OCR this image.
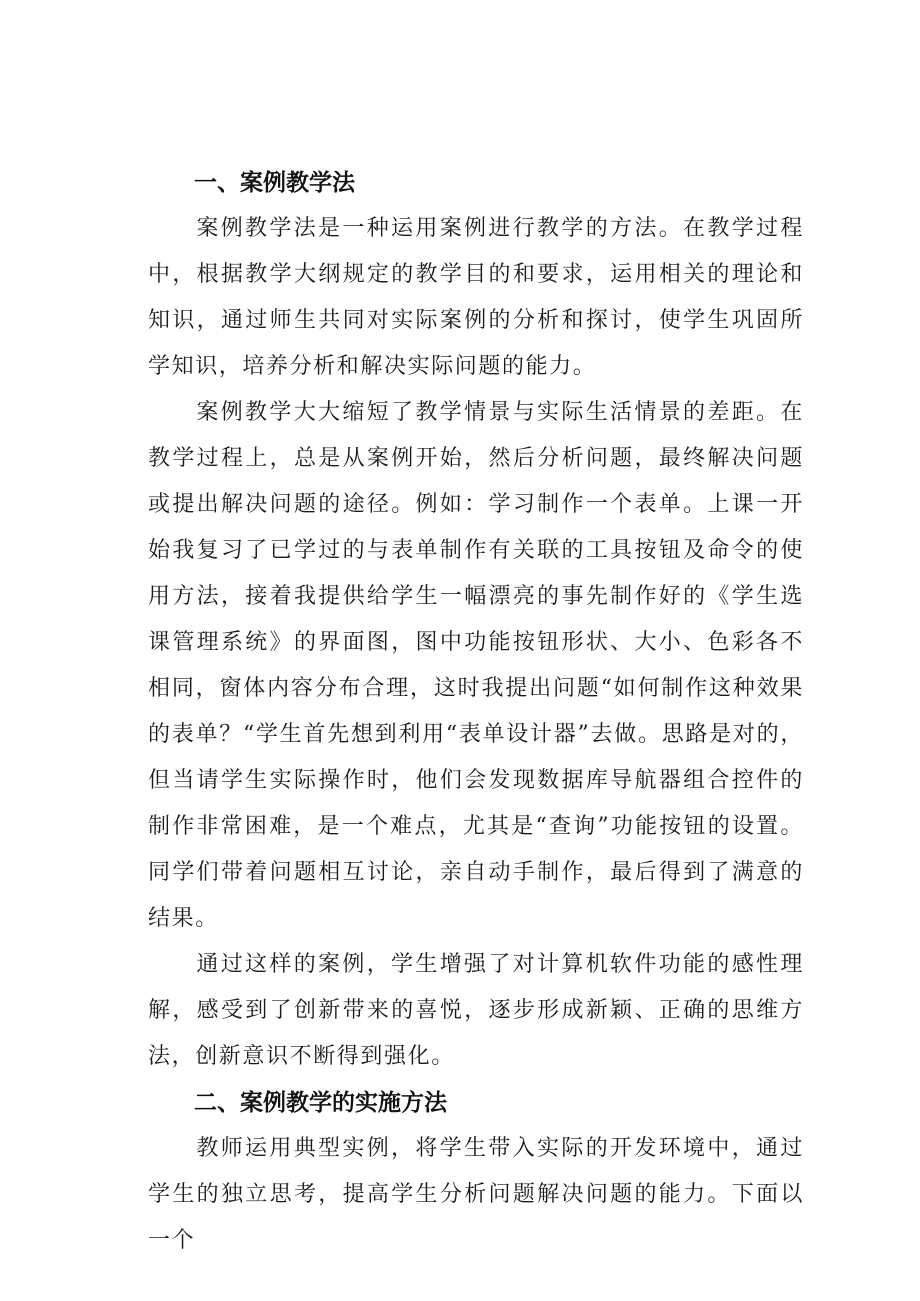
一、案例教学法

案例教学法是一种运用案例进行教学的方法。在教学过程中，根据教学大纲规定的教学目的和要求，运用相关的理论和知识，通过师生共同对实际案例的分析和探讨，使学生巩固所学知识，培养分析和解决实际问题的能力。

案例教学大大缩短了教学情景与实际生活情景的差距。在教学过程上，总是从案例开始，然后分析问题，最终解决问题或提出解决问题的途径。例如：学习制作一个表单。上课一开始我复习了已学过的与表单制作有关联的工具按钮及命令的使用方法，接着我提供给学生一幅漂亮的事先制作好的《学生选课管理系统》的界面图，图中功能按钮形状、大小、色彩各不相同，窗体内容分布合理，这时我提出问题“如何制作这种效果的表单？“学生首先想到利用“表单设计器”去做。思路是对的，但当请学生实际操作时，他们会发现数据库导航器组合控件的制作非常困难，是一个难点，尤其是“查询”功能按钮的设置。同学们带着问题相互讨论，亲自动手制作，最后得到了满意的结果。

通过这样的案例，学生增强了对计算机软件功能的感性理解，感受到了创新带来的喜悦，逐步形成新颖、正确的思维方法，创新意识不断得到强化。

二、案例教学的实施方法

教师运用典型实例，将学生带入实际的开发环境中，通过学生的独立思考，提高学生分析问题解决问题的能力。下面以一个
